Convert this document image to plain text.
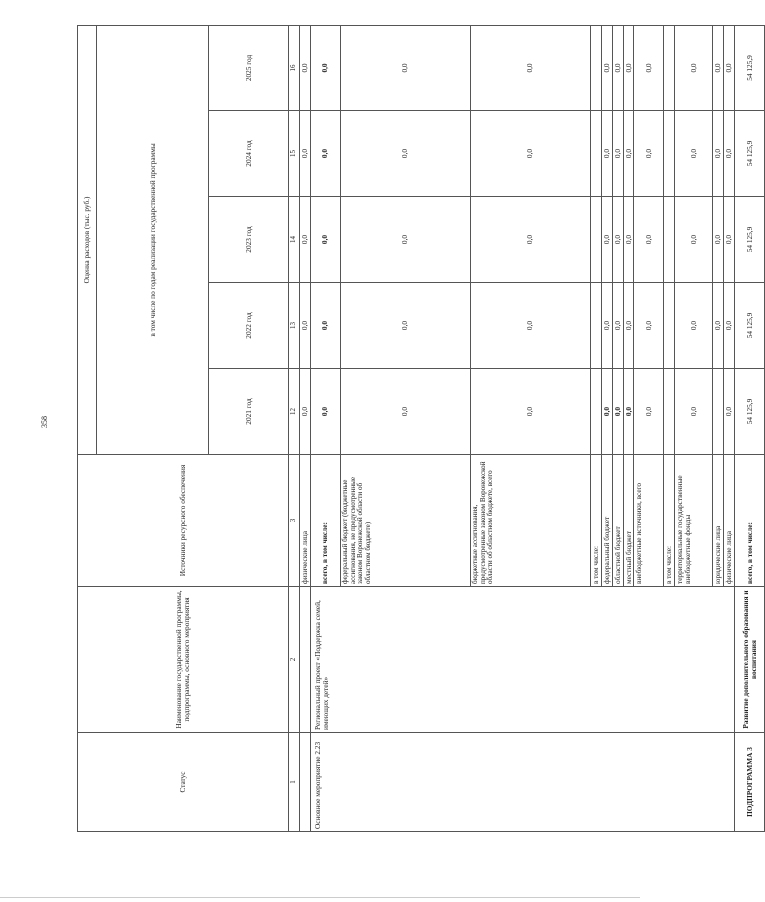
358
Статус	Наименование государственной программы, подпрограммы, основного мероприятия	Источники ресурсного обеспечения	Оценка расходов (тыс. руб.)				
			в том числе по годам реализации государственной программы				
			2021 год	2022 год	2023 год	2024 год	2025 год
1	2	3	12	13	14	15	16
		физические лица	0,0	0,0	0,0	0,0	0,0
Основное мероприятие 2.23	Региональный проект «Поддержка семей, имеющих детей»	всего, в том числе:	0,0	0,0	0,0	0,0	0,0
		федеральный бюджет (бюджетные ассигнования, не предусмотренные законом Воронежской области об областном бюджете)	0,0	0,0	0,0	0,0	0,0
		бюджетные ассигнования, предусмотренные законом Воронежской области об областном бюджете, всего	0,0	0,0	0,0	0,0	0,0
		в том числе:					
		федеральный бюджет	0,0	0,0	0,0	0,0	0,0
		областной бюджет	0,0	0,0	0,0	0,0	0,0
		местный бюджет	0,0	0,0	0,0	0,0	0,0
		внебюджетные источники, всего	0,0	0,0	0,0	0,0	0,0
		в том числе:					
		территориальные государственные внебюджетные фонды	0,0	0,0	0,0	0,0	0,0
		юридические лица		0,0	0,0	0,0	0,0
		физические лица	0,0	0,0	0,0	0,0	0,0
ПОДПРОГРАММА 3	Развитие дополнительного образования и воспитания	всего, в том числе:	54 125,9	54 125,9	54 125,9	54 125,9	54 125,9
